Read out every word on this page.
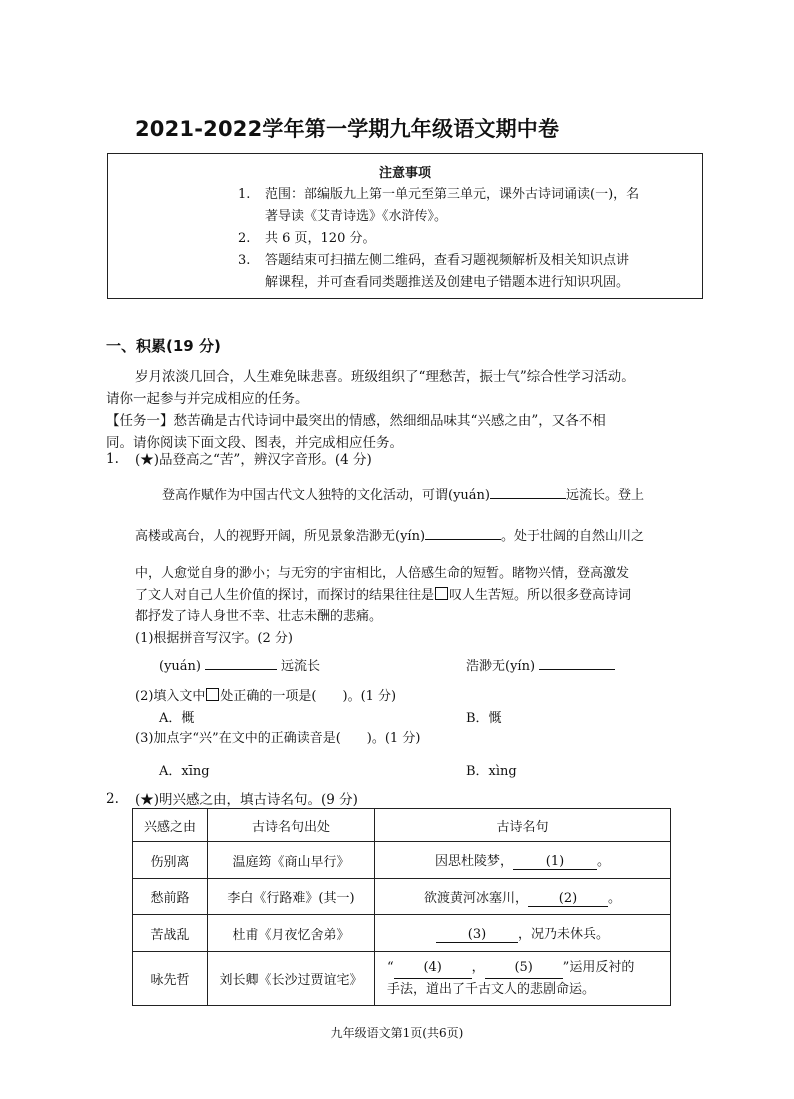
2021-2022学年第一学期九年级语文期中卷
注意事项
1.	范围：部编版九上第一单元至第三单元，课外古诗词诵读(一)，名
著导读《艾青诗选》《水浒传》。
2.	共 6 页，120 分。
3.	答题结束可扫描左侧二维码，查看习题视频解析及相关知识点讲
解课程，并可查看同类题推送及创建电子错题本进行知识巩固。
一、积累(19 分)
岁月浓淡几回合，人生难免昧悲喜。班级组织了“理愁苦，振士气”综合性学习活动。
请你一起参与并完成相应的任务。
【任务一】愁苦确是古代诗词中最突出的情感，然细细品味其“兴感之由”，又各不相
同。请你阅读下面文段、图表，并完成相应任务。
1. (★)品登高之“苦”，辨汉字音形。(4 分)
登高作赋作为中国古代文人独特的文化活动，可谓(yuán)	远流长。登上
高楼或高台，人的视野开阔，所见景象浩渺无(yín)	。处于壮阔的自然山川之
中，人愈觉自身的渺小；与无穷的宇宙相比，人倍感生命的短暂。睹物兴情，登高激发
了文人对自己人生价值的探讨，而探讨的结果往往是 叹人生苦短。所以很多登高诗词
都抒发了诗人身世不幸、壮志未酬的悲痛。
(1)根据拼音写汉字。(2 分)
(yuán)	远流长	浩渺无(yín)
(2)填入文中 处正确的一项是(　　)。(1 分)
A．概	B．慨
(3)加点字“兴”在文中的正确读音是(　　)。(1 分)
A．xīng	B．xìng
2. (★)明兴感之由，填古诗名句。(9 分)
兴感之由	古诗名句出处	古诗名句
伤别离	温庭筠《商山早行》	因思杜陵梦， (1) 。
愁前路	李白《行路难》(其一)	欲渡黄河冰塞川， (2) 。
苦战乱	杜甫《月夜忆舍弟》	(3) ，况乃未休兵。
咏先哲	刘长卿《长沙过贾谊宅》	“ (4) ， (5) ”运用反衬的
手法，道出了千古文人的悲剧命运。
九年级语文第1页(共6页)
